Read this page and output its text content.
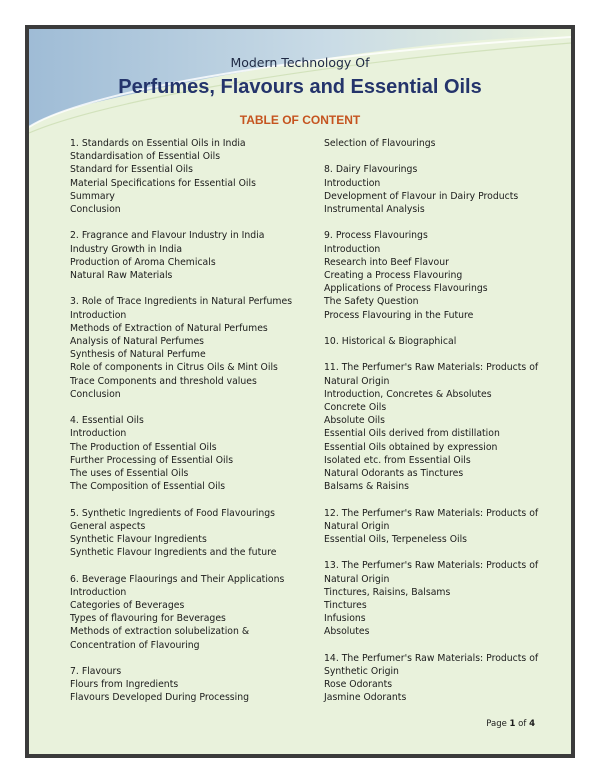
Modern Technology Of
Perfumes, Flavours and Essential Oils
TABLE OF CONTENT
1. Standards on Essential Oils in India
Standardisation of Essential Oils
Standard for Essential Oils
Material Specifications for Essential Oils
Summary
Conclusion
2. Fragrance and Flavour Industry in India
Industry Growth in India
Production of Aroma Chemicals
Natural Raw Materials
3. Role of Trace Ingredients in Natural Perfumes
Introduction
Methods of Extraction of Natural Perfumes
Analysis of Natural Perfumes
Synthesis of Natural Perfume
Role of components in Citrus Oils & Mint Oils
Trace Components and threshold values
Conclusion
4. Essential Oils
Introduction
The Production of Essential Oils
Further Processing of Essential Oils
The uses of Essential Oils
The Composition of Essential Oils
5. Synthetic Ingredients of Food Flavourings
General aspects
Synthetic Flavour Ingredients
Synthetic Flavour Ingredients and the future
6. Beverage Flaourings and Their Applications
Introduction
Categories of Beverages
Types of flavouring for Beverages
Methods of extraction solubelization & Concentration of Flavouring
7. Flavours
Flours from Ingredients
Flavours Developed During Processing
Selection of Flavourings
8. Dairy Flavourings
Introduction
Development of Flavour in Dairy Products
Instrumental Analysis
9. Process Flavourings
Introduction
Research into Beef Flavour
Creating a Process Flavouring
Applications of Process Flavourings
The Safety Question
Process Flavouring in the Future
10. Historical & Biographical
11. The Perfumer's Raw Materials: Products of Natural Origin
Introduction, Concretes & Absolutes
Concrete Oils
Absolute Oils
Essential Oils derived from distillation
Essential Oils obtained by expression
Isolated etc. from Essential Oils
Natural Odorants as Tinctures
Balsams & Raisins
12. The Perfumer's Raw Materials: Products of Natural Origin
Essential Oils, Terpeneless Oils
13. The Perfumer's Raw Materials: Products of Natural Origin
Tinctures, Raisins, Balsams
Tinctures
Infusions
Absolutes
14. The Perfumer's Raw Materials: Products of Synthetic Origin
Rose Odorants
Jasmine Odorants
Page 1 of 4
